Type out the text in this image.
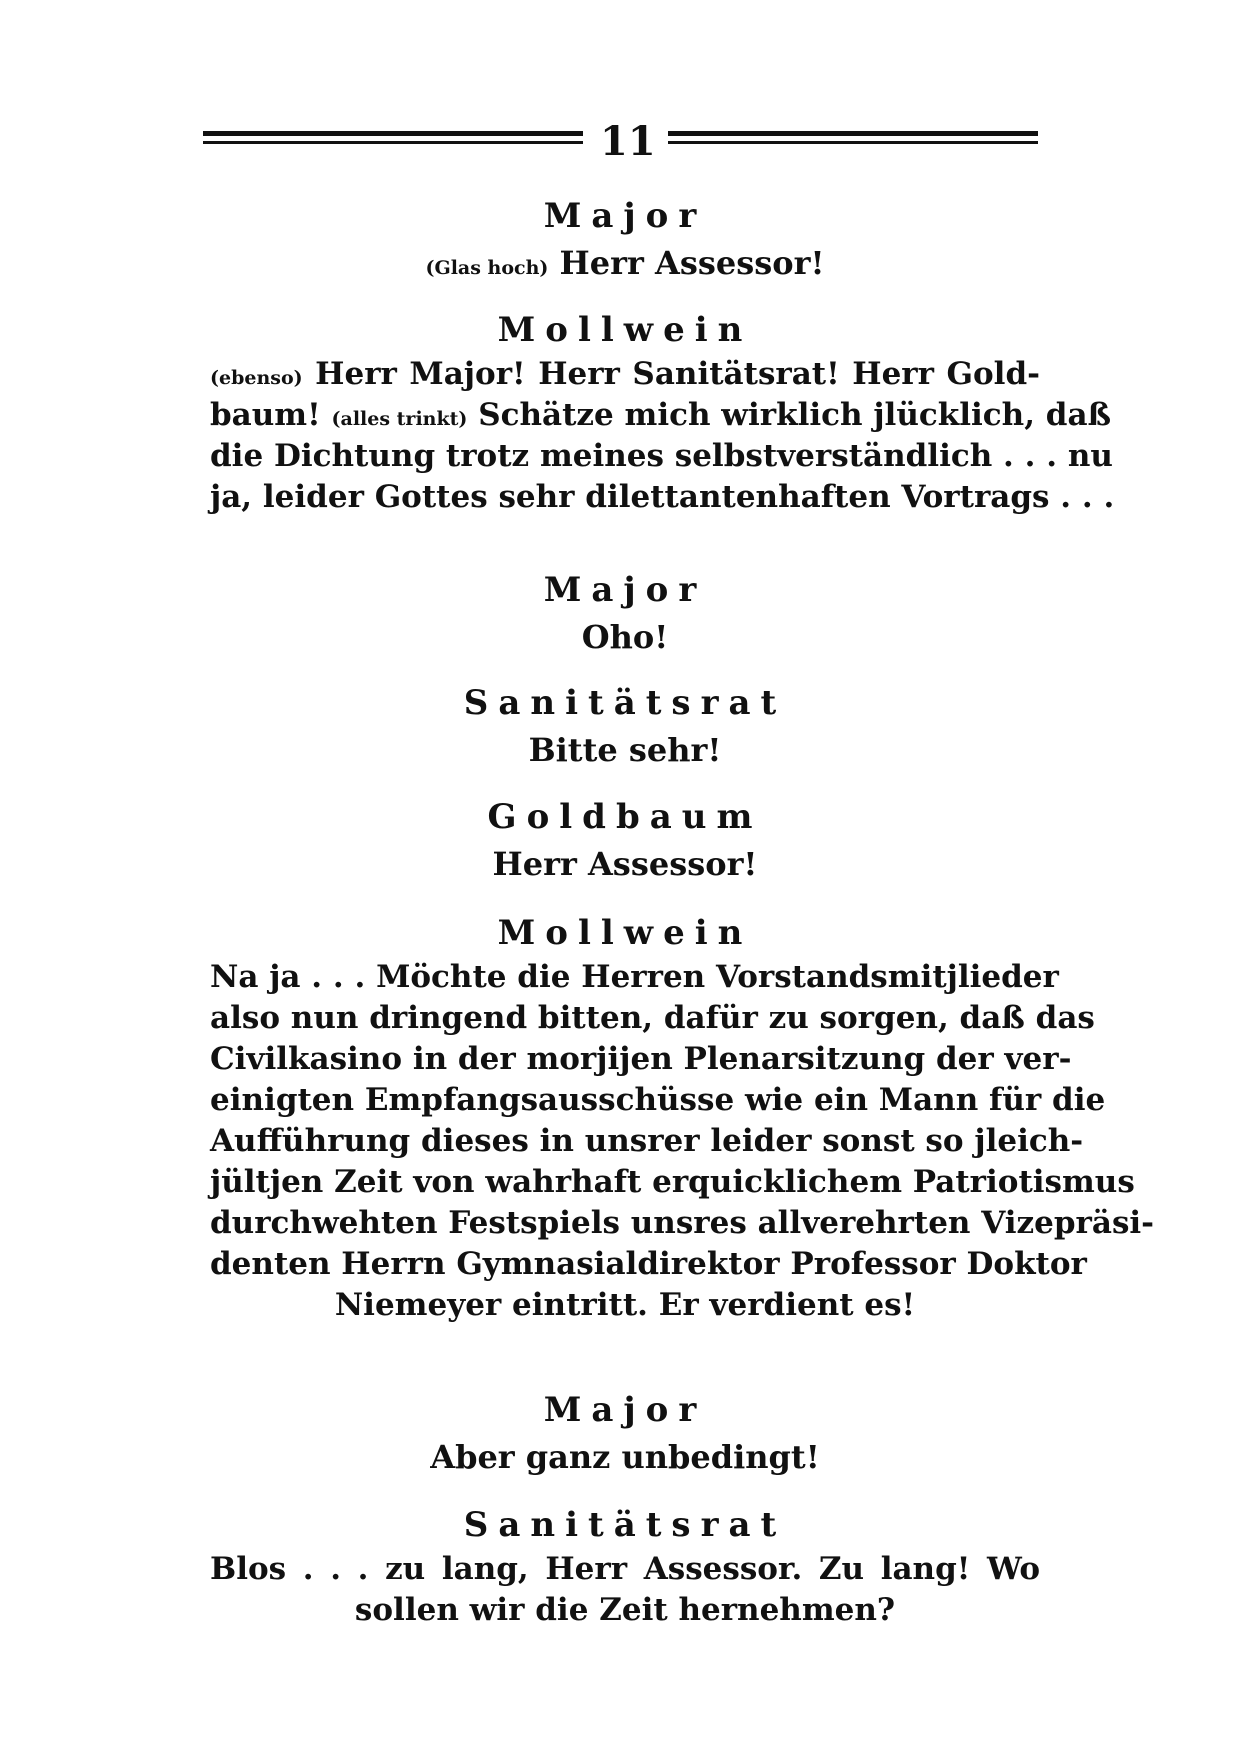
11
Major
(Glas hoch) Herr Assessor!
Mollwein
(ebenso) Herr Major! Herr Sanitätsrat! Herr Gold-
baum! (alles trinkt) Schätze mich wirklich jlücklich, daß
die Dichtung trotz meines selbstverständlich . . . nu
ja, leider Gottes sehr dilettantenhaften Vortrags . . .
Major
Oho!
Sanitätsrat
Bitte sehr!
Goldbaum
Herr Assessor!
Mollwein
Na ja . . . Möchte die Herren Vorstandsmitjlieder
also nun dringend bitten, dafür zu sorgen, daß das
Civilkasino in der morjijen Plenarsitzung der ver-
einigten Empfangsausschüsse wie ein Mann für die
Aufführung dieses in unsrer leider sonst so jleich-
jültjen Zeit von wahrhaft erquicklichem Patriotismus
durchwehten Festspiels unsres allverehrten Vizepräsi-
denten Herrn Gymnasialdirektor Professor Doktor
Niemeyer eintritt. Er verdient es!
Major
Aber ganz unbedingt!
Sanitätsrat
Blos . . . zu lang, Herr Assessor. Zu lang! Wo
sollen wir die Zeit hernehmen?
